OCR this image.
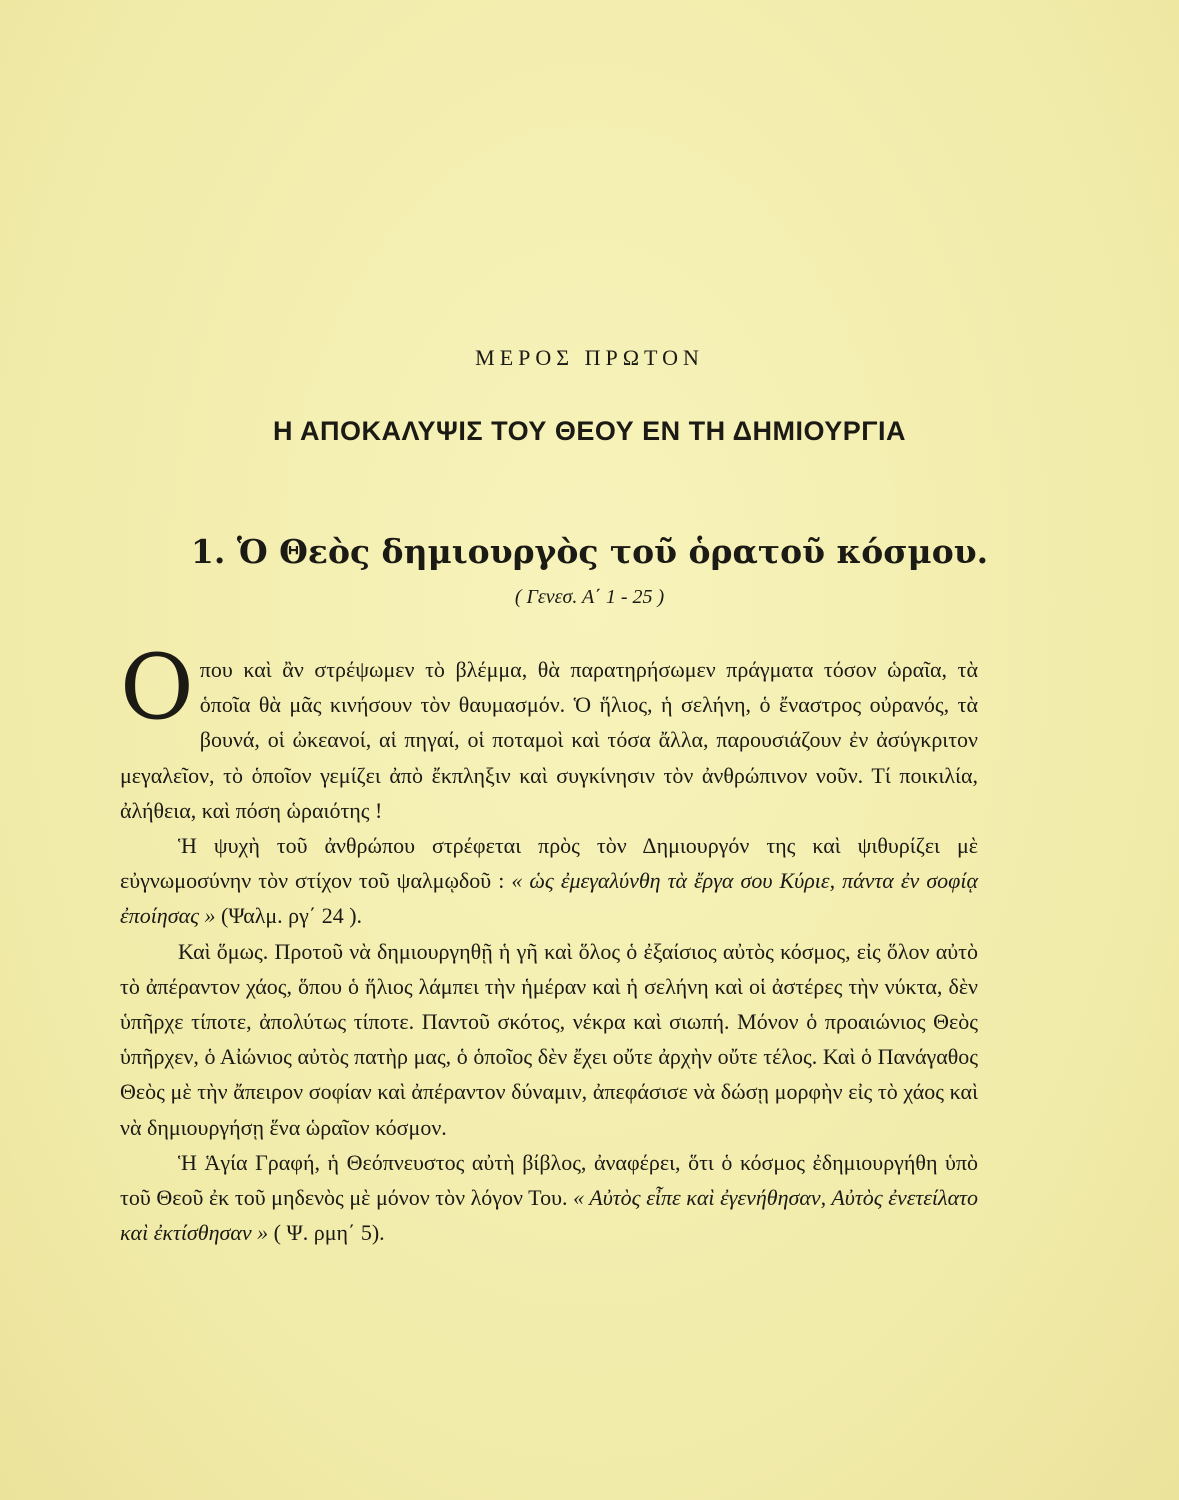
ΜΕΡΟΣ ΠΡΩΤΟΝ
Η ΑΠΟΚΑΛΥΨΙΣ ΤΟΥ ΘΕΟΥ ΕΝ ΤΗ ΔΗΜΙΟΥΡΓΙΑ
1. Ὁ Θεὸς δημιουργὸς τοῦ ὁρατοῦ κόσμου.
( Γενεσ. Α΄ 1 - 25 )

Οπου καὶ ἂν στρέψωμεν τὸ βλέμμα, θὰ παρατηρήσωμεν πράγματα τόσον ὡραῖα, τὰ ὁποῖα θὰ μᾶς κινήσουν τὸν θαυμασμόν. Ὁ ἥλιος, ἡ σελήνη, ὁ ἔναστρος οὐρανός, τὰ βουνά, οἱ ὠκεανοί, αἱ πηγαί, οἱ ποταμοὶ καὶ τόσα ἄλλα, παρουσιάζουν ἐν ἀσύγκριτον μεγαλεῖον, τὸ ὁποῖον γεμίζει ἀπὸ ἔκπληξιν καὶ συγκίνησιν τὸν ἀνθρώπινον νοῦν. Τί ποικιλία, ἀλήθεια, καὶ πόση ὡραιότης !

Ἡ ψυχὴ τοῦ ἀνθρώπου στρέφεται πρὸς τὸν Δημιουργόν της καὶ ψιθυρίζει μὲ εὐγνωμοσύνην τὸν στίχον τοῦ ψαλμῳδοῦ : « ὡς ἐμεγαλύνθη τὰ ἔργα σου Κύριε, πάντα ἐν σοφίᾳ ἐποίησας » (Ψαλμ. ργ΄ 24 ).

Καὶ ὅμως. Προτοῦ νὰ δημιουργηθῇ ἡ γῆ καὶ ὅλος ὁ ἐξαίσιος αὐτὸς κόσμος, εἰς ὅλον αὐτὸ τὸ ἀπέραντον χάος, ὅπου ὁ ἥλιος λάμπει τὴν ἡμέραν καὶ ἡ σελήνη καὶ οἱ ἀστέρες τὴν νύκτα, δὲν ὑπῆρχε τίποτε, ἀπολύτως τίποτε. Παντοῦ σκότος, νέκρα καὶ σιωπή. Μόνον ὁ προαιώνιος Θεὸς ὑπῆρχεν, ὁ Αἰώνιος αὐτὸς πατὴρ μας, ὁ ὁποῖος δὲν ἔχει οὔτε ἀρχὴν οὔτε τέλος. Καὶ ὁ Πανάγαθος Θεὸς μὲ τὴν ἄπειρον σοφίαν καὶ ἀπέραντον δύναμιν, ἀπεφάσισε νὰ δώσῃ μορφὴν εἰς τὸ χάος καὶ νὰ δημιουργήσῃ ἕνα ὡραῖον κόσμον.

Ἡ Ἁγία Γραφή, ἡ Θεόπνευστος αὐτὴ βίβλος, ἀναφέρει, ὅτι ὁ κόσμος ἐδημιουργήθη ὑπὸ τοῦ Θεοῦ ἐκ τοῦ μηδενὸς μὲ μόνον τὸν λόγον Του. « Αὐτὸς εἶπε καὶ ἐγενήθησαν, Αὐτὸς ἐνετείλατο καὶ ἐκτίσθησαν » ( Ψ. ρμη΄ 5).
